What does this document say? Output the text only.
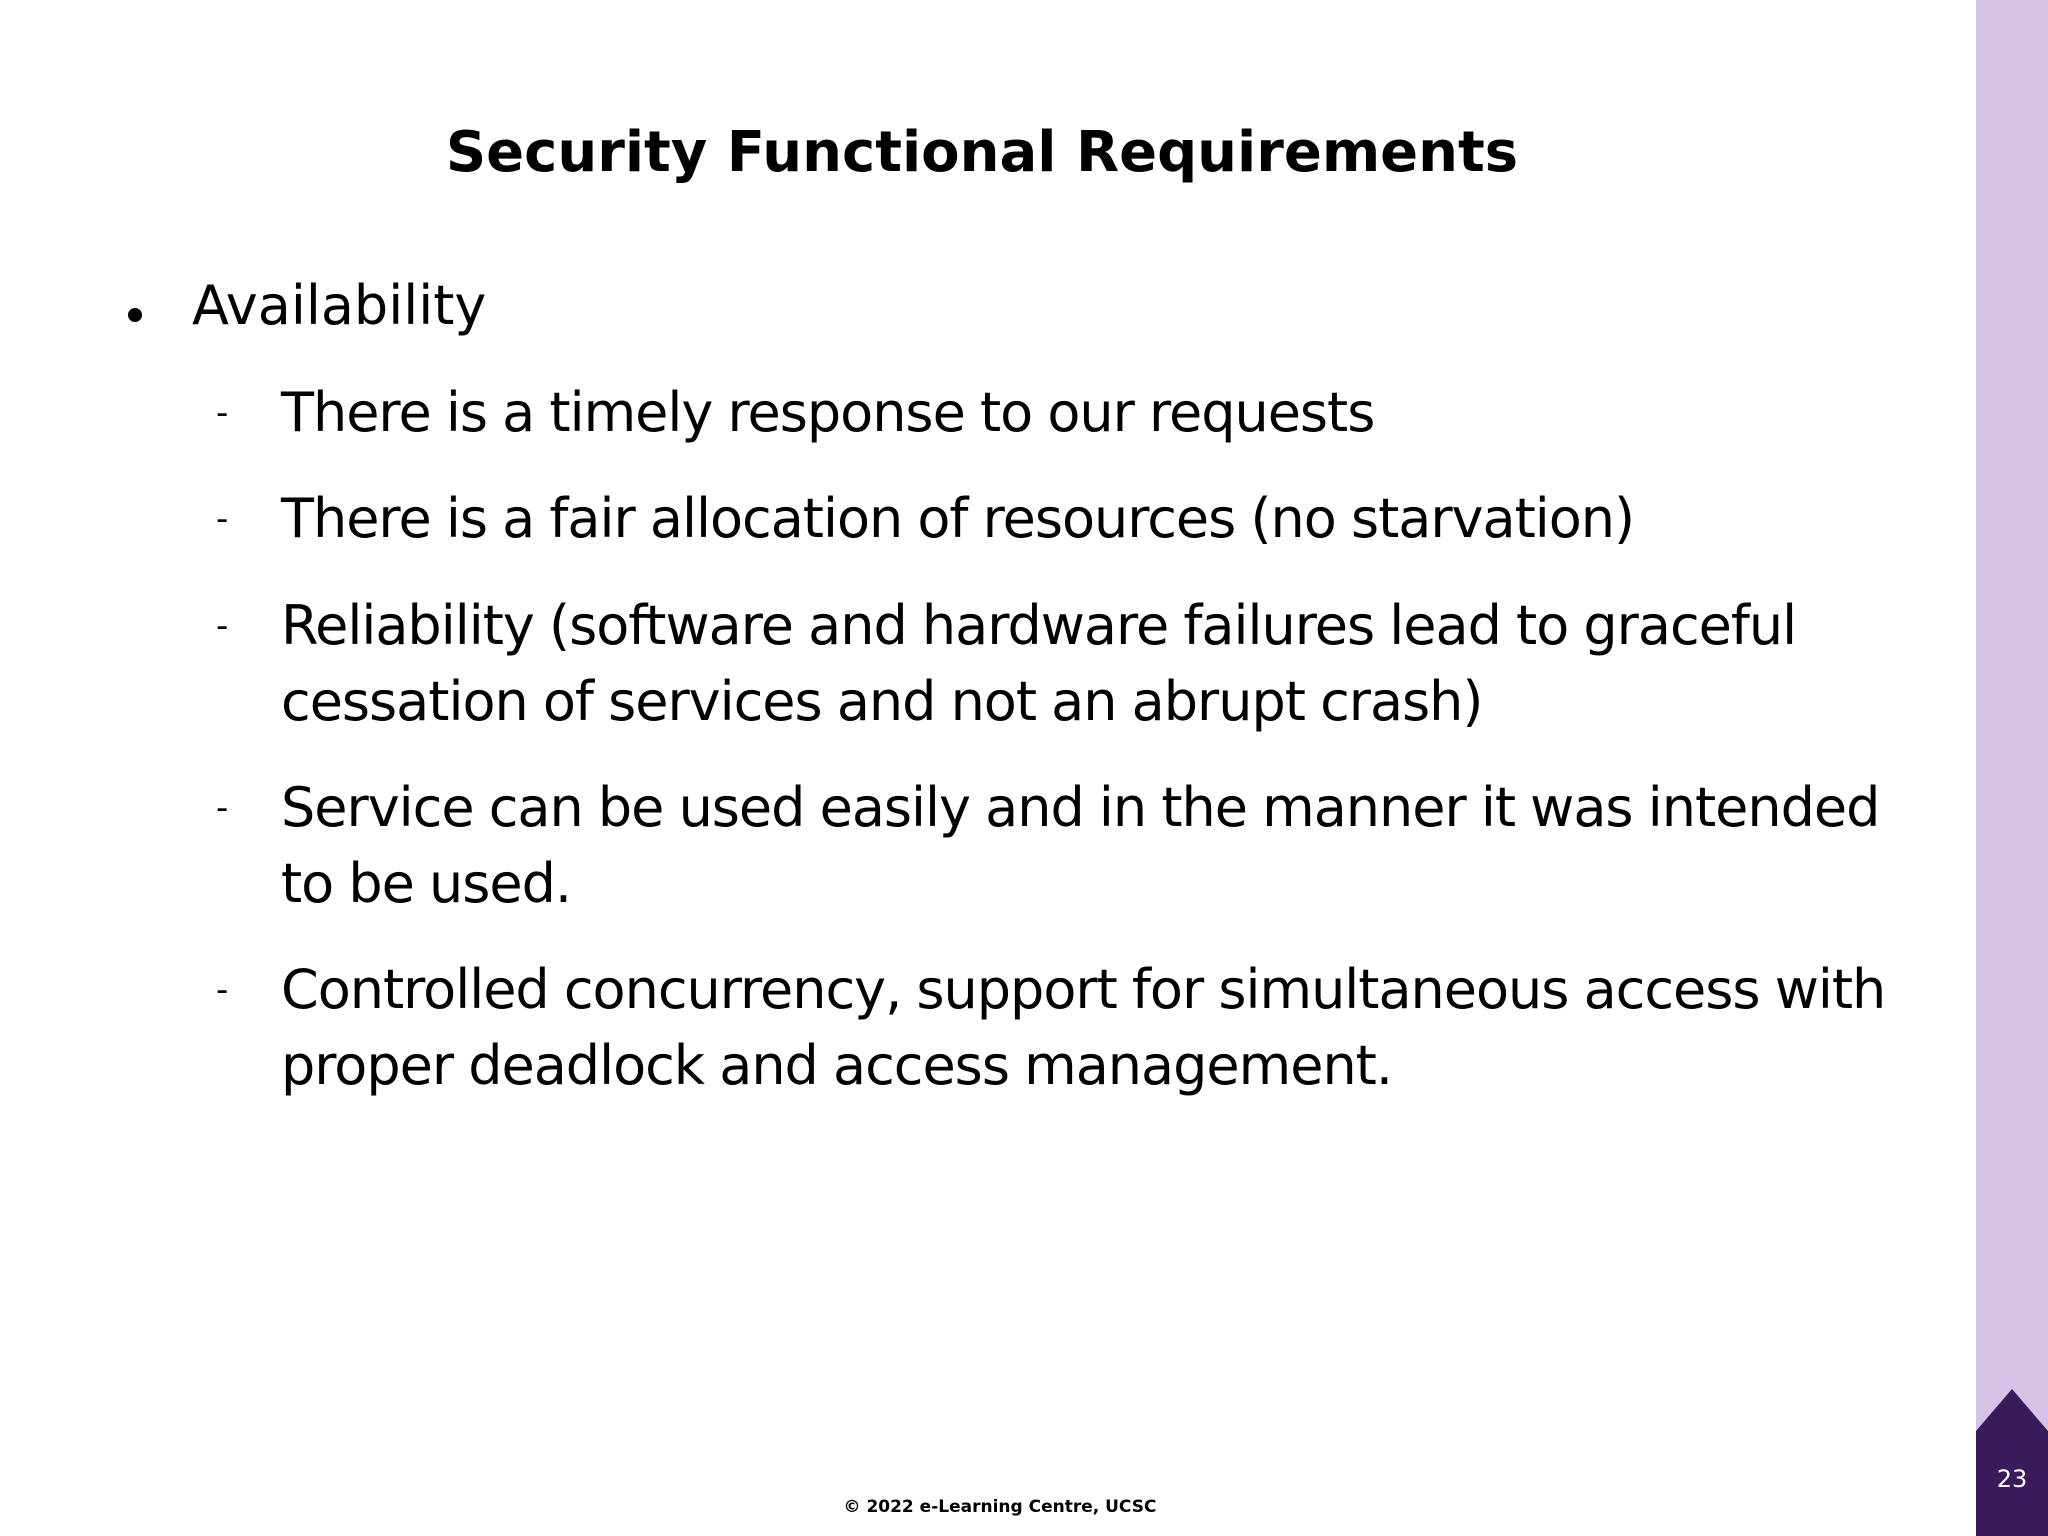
23
Security Functional Requirements
Availability
- There is a timely response to our requests
- There is a fair allocation of resources (no starvation)
- Reliability (software and hardware failures lead to graceful cessation of services and not an abrupt crash)
- Service can be used easily and in the manner it was intended to be used.
- Controlled concurrency, support for simultaneous access with proper deadlock and access management.
© 2022 e-Learning Centre, UCSC
